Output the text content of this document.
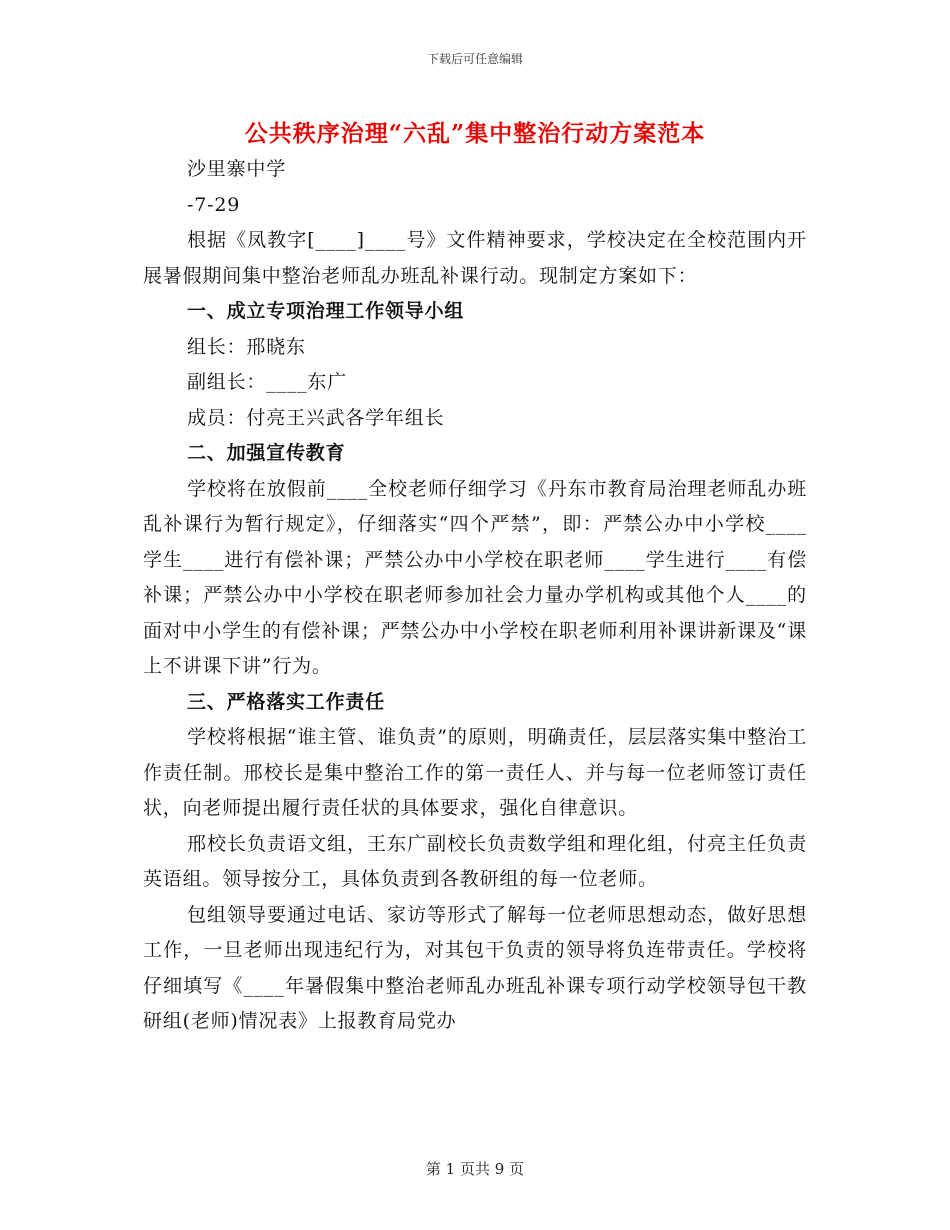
下载后可任意编辑
公共秩序治理“六乱”集中整治行动方案范本

沙里寨中学

-7-29

根据《凤教字[____]____号》文件精神要求，学校决定在全校范围内开展暑假期间集中整治老师乱办班乱补课行动。现制定方案如下：

一、成立专项治理工作领导小组

组长：邢晓东

副组长：____东广

成员：付亮王兴武各学年组长

二、加强宣传教育

学校将在放假前____全校老师仔细学习《丹东市教育局治理老师乱办班乱补课行为暂行规定》，仔细落实“四个严禁”，即：严禁公办中小学校____学生____进行有偿补课；严禁公办中小学校在职老师____学生进行____有偿补课；严禁公办中小学校在职老师参加社会力量办学机构或其他个人____的面对中小学生的有偿补课；严禁公办中小学校在职老师利用补课讲新课及“课上不讲课下讲”行为。

三、严格落实工作责任

学校将根据“谁主管、谁负责”的原则，明确责任，层层落实集中整治工作责任制。邢校长是集中整治工作的第一责任人、并与每一位老师签订责任状，向老师提出履行责任状的具体要求，强化自律意识。

邢校长负责语文组，王东广副校长负责数学组和理化组，付亮主任负责英语组。领导按分工，具体负责到各教研组的每一位老师。

包组领导要通过电话、家访等形式了解每一位老师思想动态，做好思想工作，一旦老师出现违纪行为，对其包干负责的领导将负连带责任。学校将仔细填写《____年暑假集中整治老师乱办班乱补课专项行动学校领导包干教研组(老师)情况表》上报教育局党办

第 1 页共 9 页
